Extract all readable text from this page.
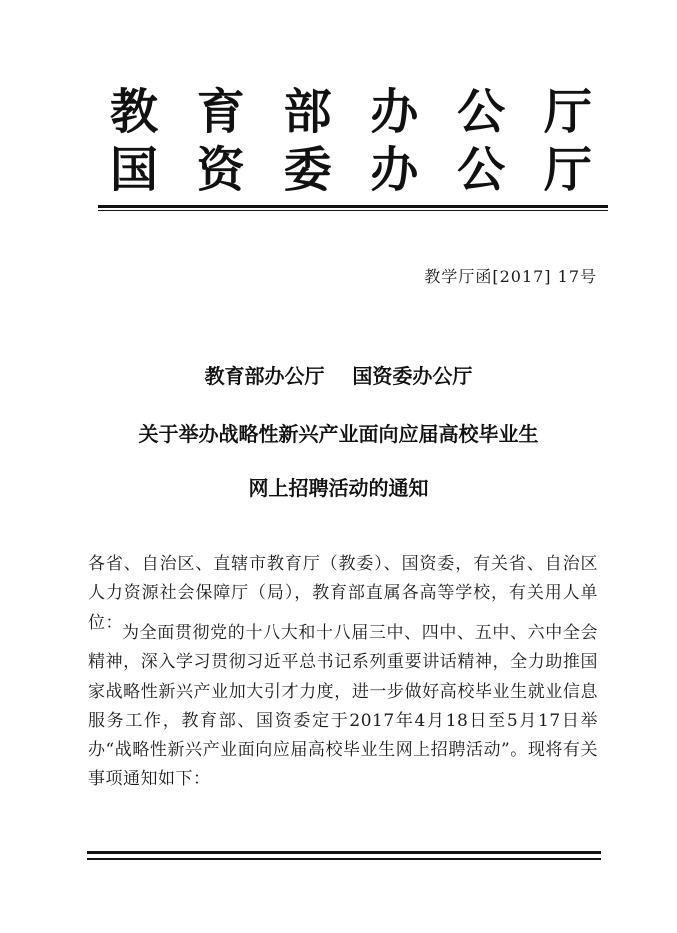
教 育 部 办 公 厅
国 资 委 办 公 厅
教学厅函[2017] 17号
教育部办公厅    国资委办公厅
关于举办战略性新兴产业面向应届高校毕业生
网上招聘活动的通知
各省、自治区、直辖市教育厅（教委）、国资委，有关省、自治区人力资源社会保障厅（局），教育部直属各高等学校，有关用人单位：
为全面贯彻党的十八大和十八届三中、四中、五中、六中全会精神，深入学习贯彻习近平总书记系列重要讲话精神，全力助推国家战略性新兴产业加大引才力度，进一步做好高校毕业生就业信息服务工作，教育部、国资委定于2017年4月18日至5月17日举办“战略性新兴产业面向应届高校毕业生网上招聘活动”。现将有关事项通知如下：
